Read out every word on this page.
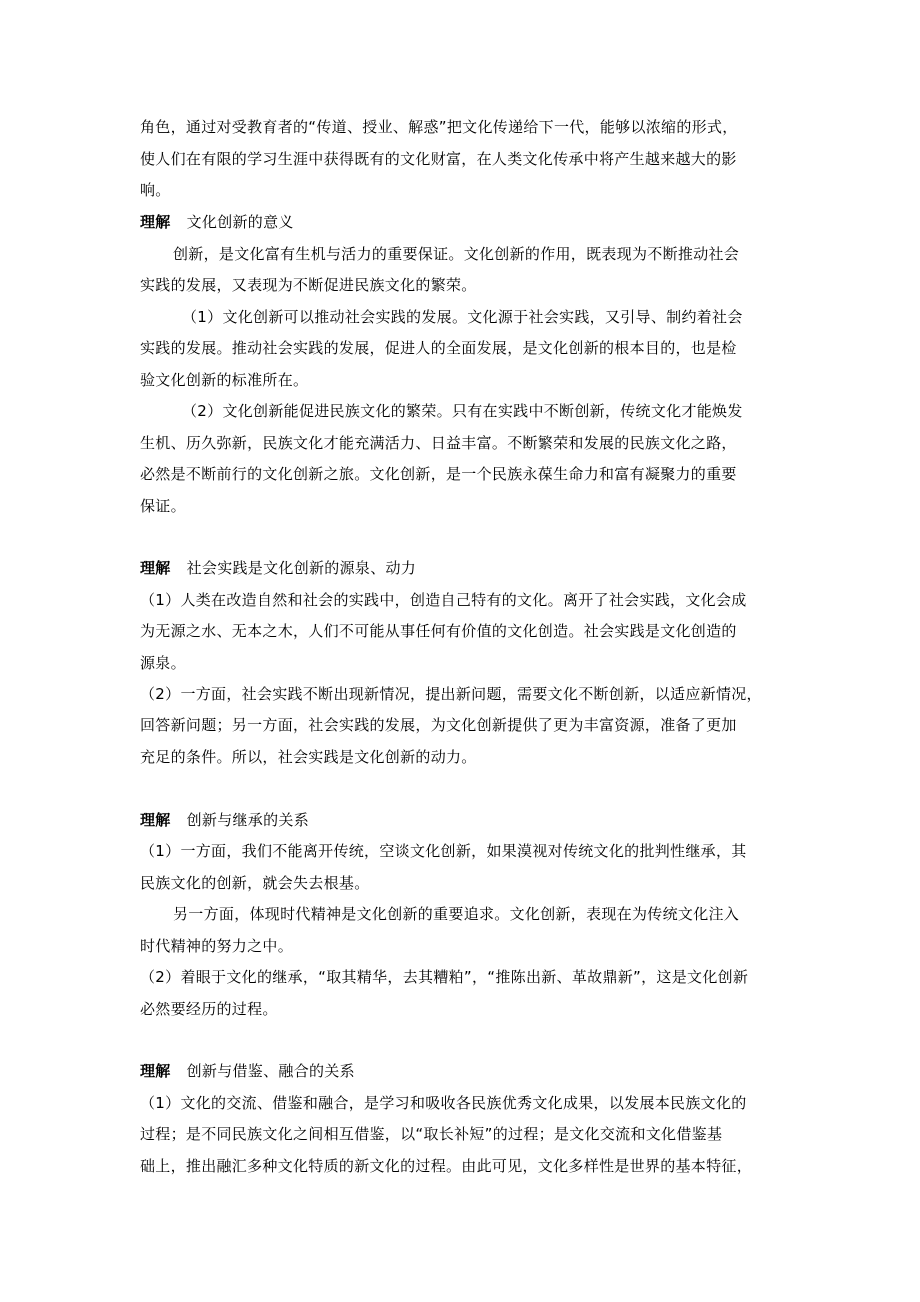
角色，通过对受教育者的“传道、授业、解惑”把文化传递给下一代，能够以浓缩的形式，
使人们在有限的学习生涯中获得既有的文化财富，在人类文化传承中将产生越来越大的影
响。
理解 文化创新的意义
创新，是文化富有生机与活力的重要保证。文化创新的作用，既表现为不断推动社会
实践的发展，又表现为不断促进民族文化的繁荣。
（1）文化创新可以推动社会实践的发展。文化源于社会实践，又引导、制约着社会
实践的发展。推动社会实践的发展，促进人的全面发展，是文化创新的根本目的，也是检
验文化创新的标准所在。
（2）文化创新能促进民族文化的繁荣。只有在实践中不断创新，传统文化才能焕发
生机、历久弥新，民族文化才能充满活力、日益丰富。不断繁荣和发展的民族文化之路，
必然是不断前行的文化创新之旅。文化创新，是一个民族永葆生命力和富有凝聚力的重要
保证。
理解 社会实践是文化创新的源泉、动力
（1）人类在改造自然和社会的实践中，创造自己特有的文化。离开了社会实践，文化会成
为无源之水、无本之木，人们不可能从事任何有价值的文化创造。社会实践是文化创造的
源泉。
（2）一方面，社会实践不断出现新情况，提出新问题，需要文化不断创新，以适应新情况，
回答新问题；另一方面，社会实践的发展，为文化创新提供了更为丰富资源，准备了更加
充足的条件。所以，社会实践是文化创新的动力。
理解 创新与继承的关系
（1）一方面，我们不能离开传统，空谈文化创新，如果漠视对传统文化的批判性继承，其
民族文化的创新，就会失去根基。
另一方面，体现时代精神是文化创新的重要追求。文化创新，表现在为传统文化注入
时代精神的努力之中。
（2）着眼于文化的继承，“取其精华，去其糟粕”，“推陈出新、革故鼎新”，这是文化创新
必然要经历的过程。
理解 创新与借鉴、融合的关系
（1）文化的交流、借鉴和融合，是学习和吸收各民族优秀文化成果，以发展本民族文化的
过程；是不同民族文化之间相互借鉴，以“取长补短”的过程；是文化交流和文化借鉴基
础上，推出融汇多种文化特质的新文化的过程。由此可见，文化多样性是世界的基本特征，
